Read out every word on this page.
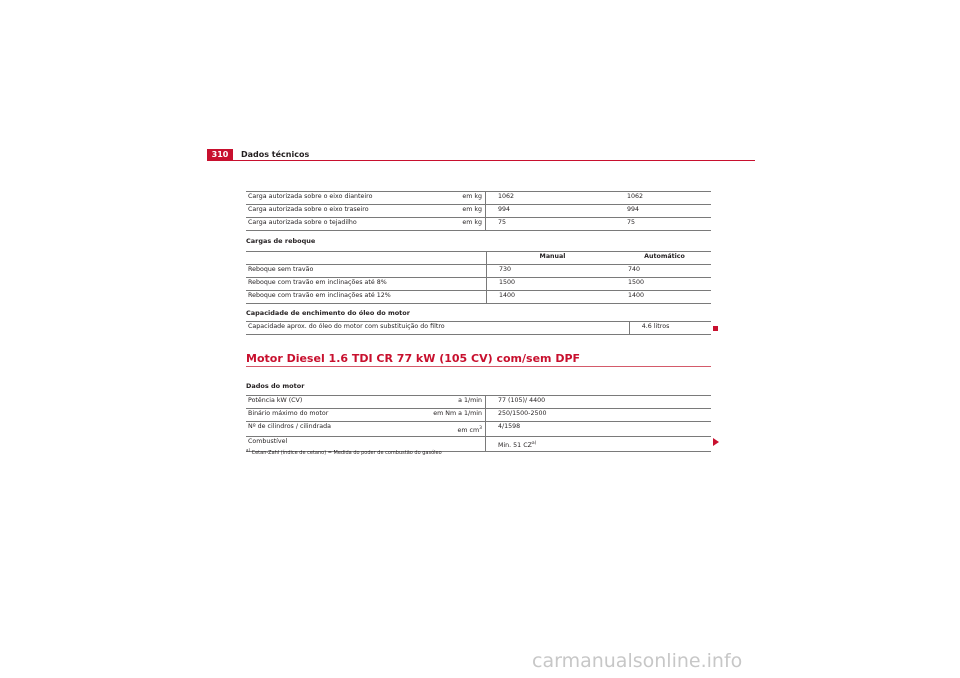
310	Dados técnicos
Carga autorizada sobre o eixo dianteiro	em kg	1062	1062
Carga autorizada sobre o eixo traseiro	em kg	994	994
Carga autorizada sobre o tejadilho	em kg	75	75
Cargas de reboque
		Manual	Automático
Reboque sem travão		730	740
Reboque com travão em inclinações até 8%		1500	1500
Reboque com travão em inclinações até 12%		1400	1400
Capacidade de enchimento do óleo do motor
Capacidade aprox. do óleo do motor com substituição do filtro	4.6 litros
Motor Diesel 1.6 TDI CR 77 kW (105 CV) com/sem DPF
Dados do motor
Potência kW (CV)	a 1/min	77 (105)/ 4400
Binário máximo do motor	em Nm a 1/min	250/1500-2500
Nº de cilindros / cilindrada	em $cm^3$	4/1598
Combustível		Min. 51 CZ$^{a)}$
$^{a)}$ Cetan-Zahl (índice de cetano) = Medida do poder de combustão do gasóleo
carmanualsonline.info
